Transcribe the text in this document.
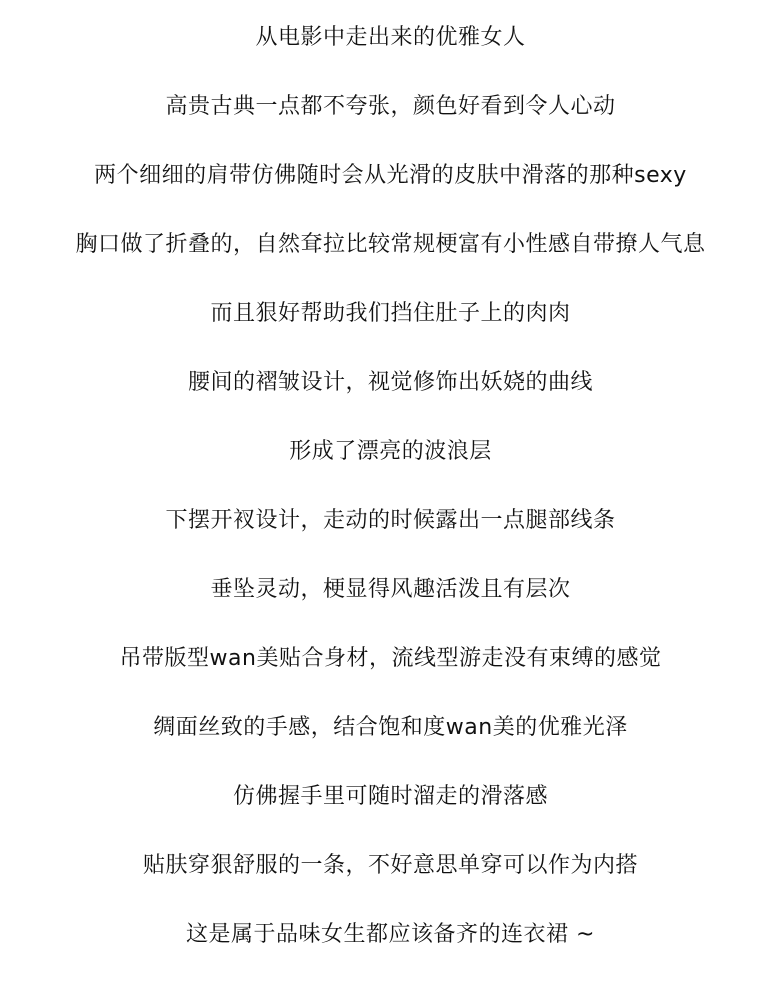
从电影中走出来的优雅女人
高贵古典一点都不夸张，颜色好看到令人心动
两个细细的肩带仿佛随时会从光滑的皮肤中滑落的那种sexy
胸口做了折叠的，自然耷拉比较常规梗富有小性感自带撩人气息
而且狠好帮助我们挡住肚子上的肉肉
腰间的褶皱设计，视觉修饰出妖娆的曲线
形成了漂亮的波浪层
下摆开衩设计，走动的时候露出一点腿部线条
垂坠灵动，梗显得风趣活泼且有层次
吊带版型wan美贴合身材，流线型游走没有束缚的感觉
绸面丝致的手感，结合饱和度wan美的优雅光泽
仿佛握手里可随时溜走的滑落感
贴肤穿狠舒服的一条，不好意思单穿可以作为内搭
这是属于品味女生都应该备齐的连衣裙 ~
